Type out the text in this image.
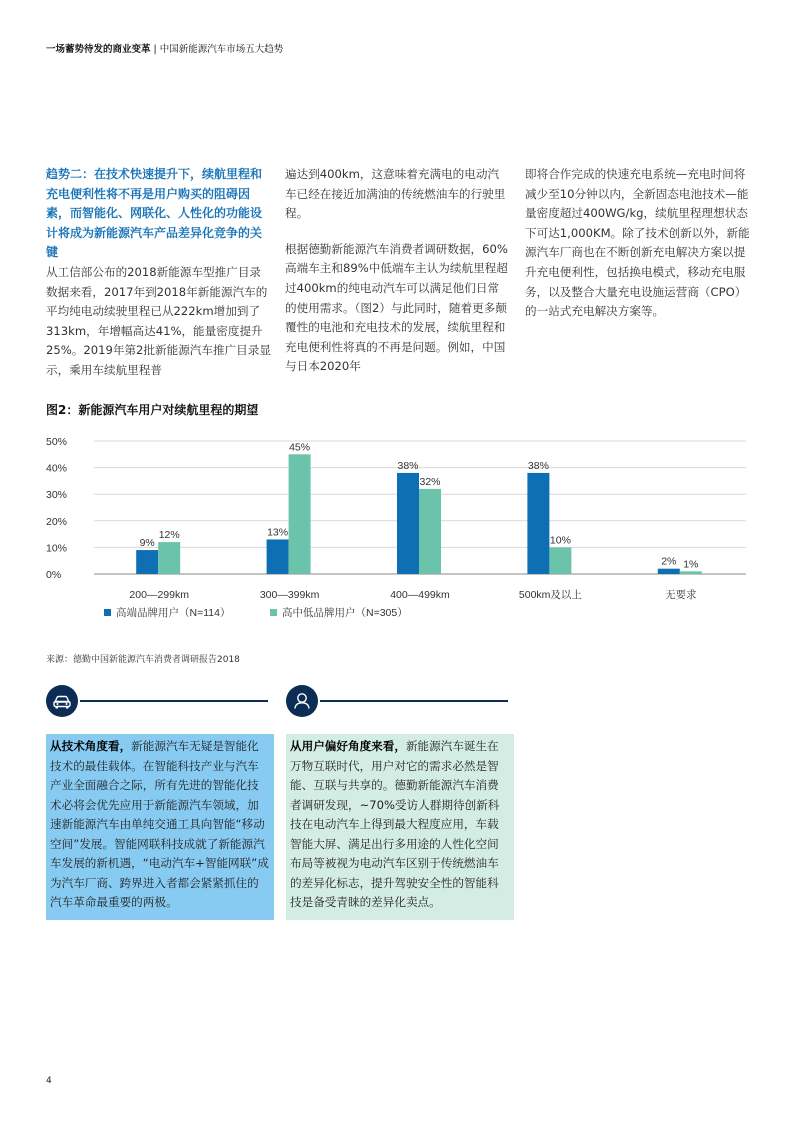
一场蓄势待发的商业变革 | 中国新能源汽车市场五大趋势
趋势二：在技术快速提升下，续航里程和充电便利性将不再是用户购买的阻碍因素，而智能化、网联化、人性化的功能设计将成为新能源汽车产品差异化竞争的关键

从工信部公布的2018新能源车型推广目录数据来看，2017年到2018年新能源汽车的平均纯电动续驶里程已从222km增加到了313km，年增幅高达41%，能量密度提升25%。2019年第2批新能源汽车推广目录显示，乘用车续航里程普

遍达到400km，这意味着充满电的电动汽车已经在接近加满油的传统燃油车的行驶里程。

根据德勤新能源汽车消费者调研数据，60%高端车主和89%中低端车主认为续航里程超过400km的纯电动汽车可以满足他们日常的使用需求。（图2）与此同时，随着更多颠覆性的电池和充电技术的发展，续航里程和充电便利性将真的不再是问题。例如，中国与日本2020年

即将合作完成的快速充电系统—充电时间将减少至10分钟以内，全新固态电池技术—能量密度超过400WG/kg，续航里程理想状态下可达1,000KM。除了技术创新以外，新能源汽车厂商也在不断创新充电解决方案以提升充电便利性，包括换电模式，移动充电服务，以及整合大量充电设施运营商（CPO）的一站式充电解决方案等。

图2：新能源汽车用户对续航里程的期望
0%
10%
20%
30%
40%
50%
9%
12%
200—299km
13%
45%
300—399km
38%
32%
400—499km
38%
10%
500km及以上
2% 1%
无要求
高端品牌用户（N=114）	高中低品牌用户（N=305）
来源：德勤中国新能源汽车消费者调研报告2018

从技术角度看，新能源汽车无疑是智能化技术的最佳载体。在智能科技产业与汽车产业全面融合之际，所有先进的智能化技术必将会优先应用于新能源汽车领域，加速新能源汽车由单纯交通工具向智能“移动空间”发展。智能网联科技成就了新能源汽车发展的新机遇，“电动汽车+智能网联”成为汽车厂商、跨界进入者都会紧紧抓住的汽车革命最重要的两极。

从用户偏好角度来看，新能源汽车诞生在万物互联时代，用户对它的需求必然是智能、互联与共享的。德勤新能源汽车消费者调研发现，~70%受访人群期待创新科技在电动汽车上得到最大程度应用，车载智能大屏、满足出行多用途的人性化空间布局等被视为电动汽车区别于传统燃油车的差异化标志，提升驾驶安全性的智能科技是备受青睐的差异化卖点。

4
